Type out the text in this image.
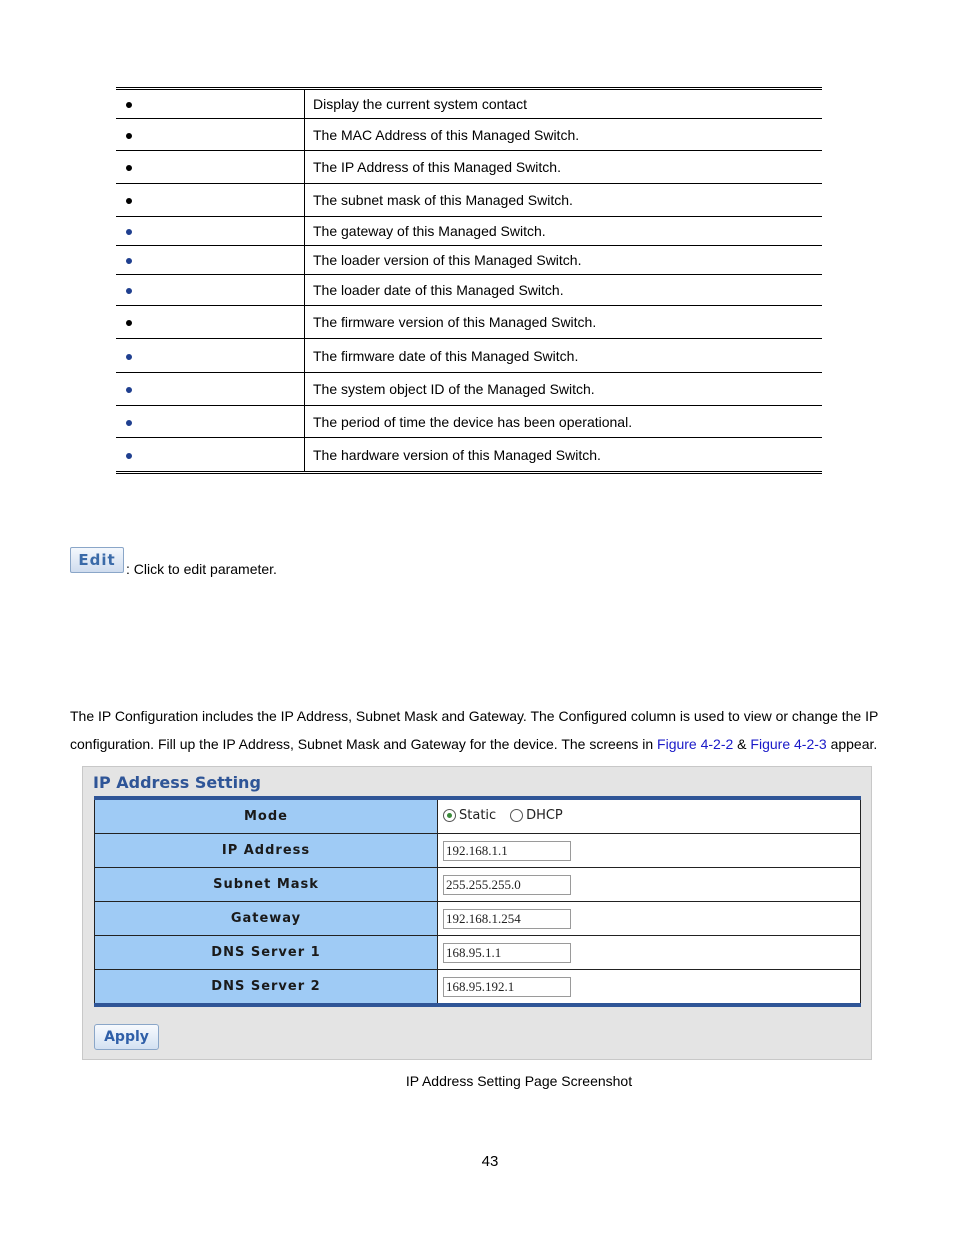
	Display the current system contact
	The MAC Address of this Managed Switch.
	The IP Address of this Managed Switch.
	The subnet mask of this Managed Switch.
	The gateway of this Managed Switch.
	The loader version of this Managed Switch.
	The loader date of this Managed Switch.
	The firmware version of this Managed Switch.
	The firmware date of this Managed Switch.
	The system object ID of the Managed Switch.
	The period of time the device has been operational.
	The hardware version of this Managed Switch.
Edit : Click to edit parameter.

The IP Configuration includes the IP Address, Subnet Mask and Gateway. The Configured column is used to view or change the IP configuration. Fill up the IP Address, Subnet Mask and Gateway for the device. The screens in Figure 4-2-2 & Figure 4-2-3 appear.

IP Address Setting
Mode	Static
DHCP

IP Address	192.168.1.1
Subnet Mask	255.255.255.0
Gateway	192.168.1.254
DNS Server 1	168.95.1.1
DNS Server 2	168.95.192.1
Apply
IP Address Setting Page Screenshot
43
